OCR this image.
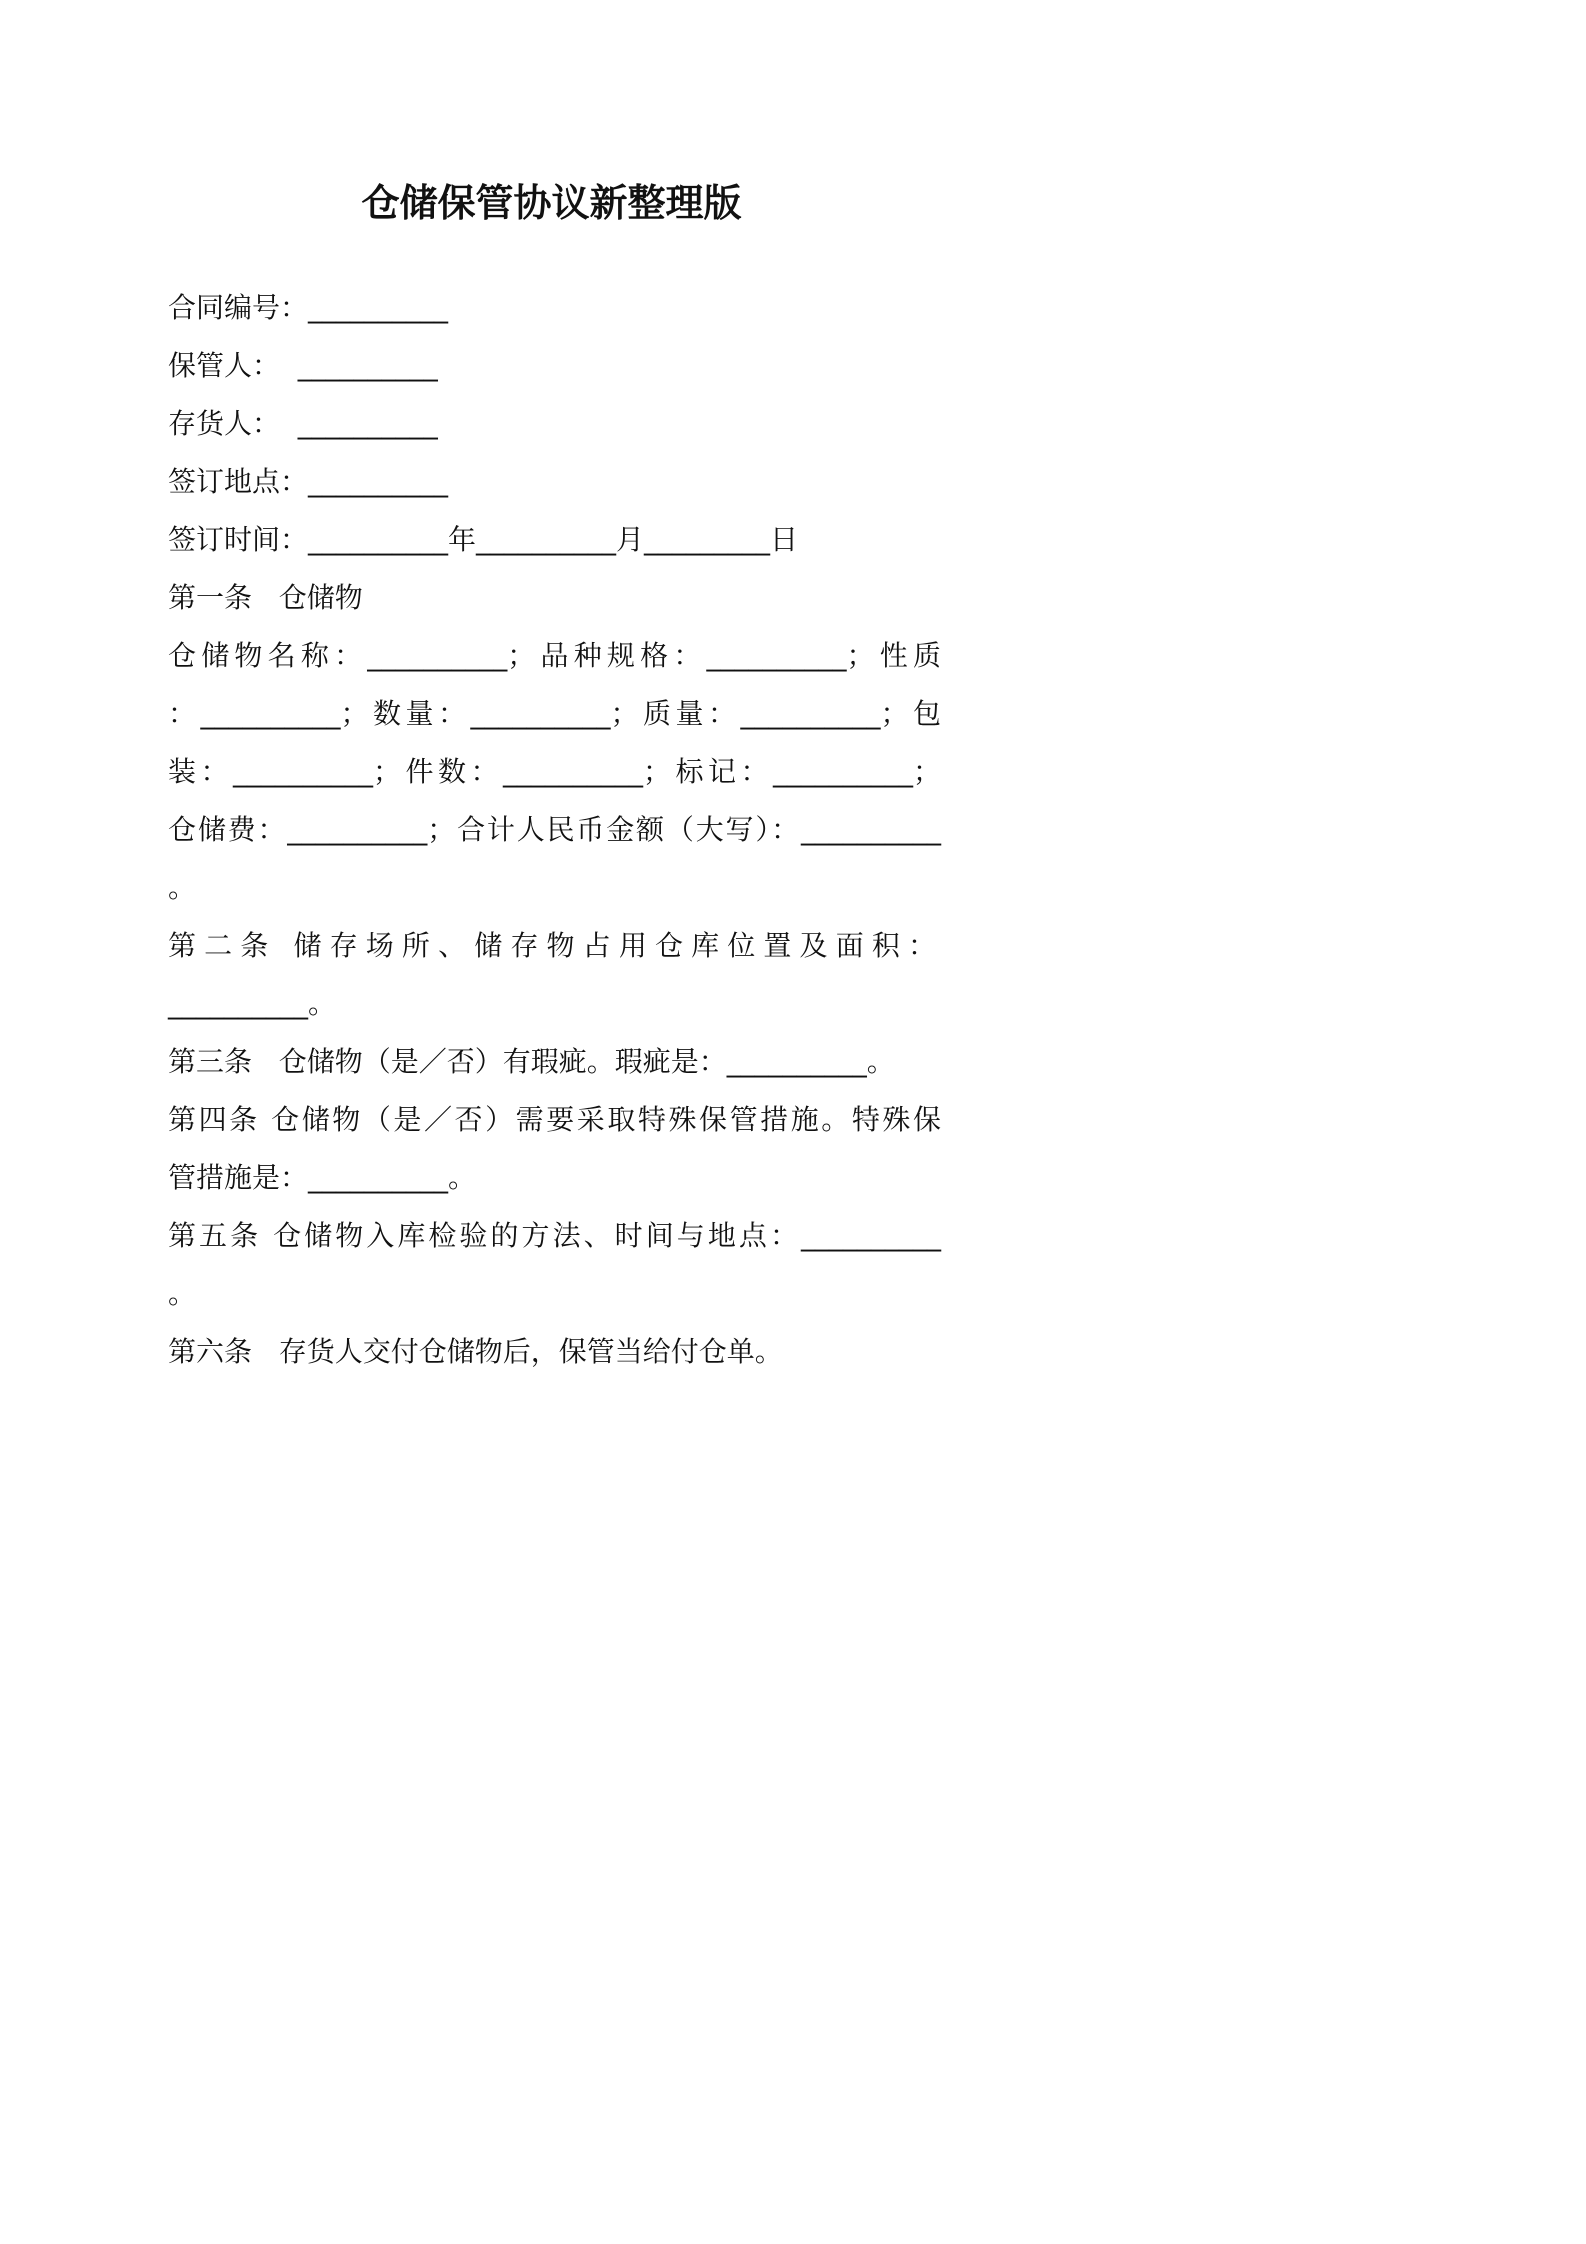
仓储保管协议新整理版
合同编号：__________
保管人：  __________
存货人：  __________
签订地点：__________
签订时间：__________年__________月_________日
第一条   仓储物
仓储物名称：__________；品种规格：__________；性质
：__________；数量：__________；质量：__________；包
装：__________；件数：__________；标记：__________；
仓储费：__________；合计人民币金额（大写）：__________
。
第二条 储存场所、储存物占用仓库位置及面积：
__________。
第三条   仓储物（是／否）有瑕疵。瑕疵是：__________。
第四条 仓储物（是／否）需要采取特殊保管措施。特殊保
管措施是：__________。
第五条 仓储物入库检验的方法、时间与地点：__________
。
第六条   存货人交付仓储物后，保管当给付仓单。
